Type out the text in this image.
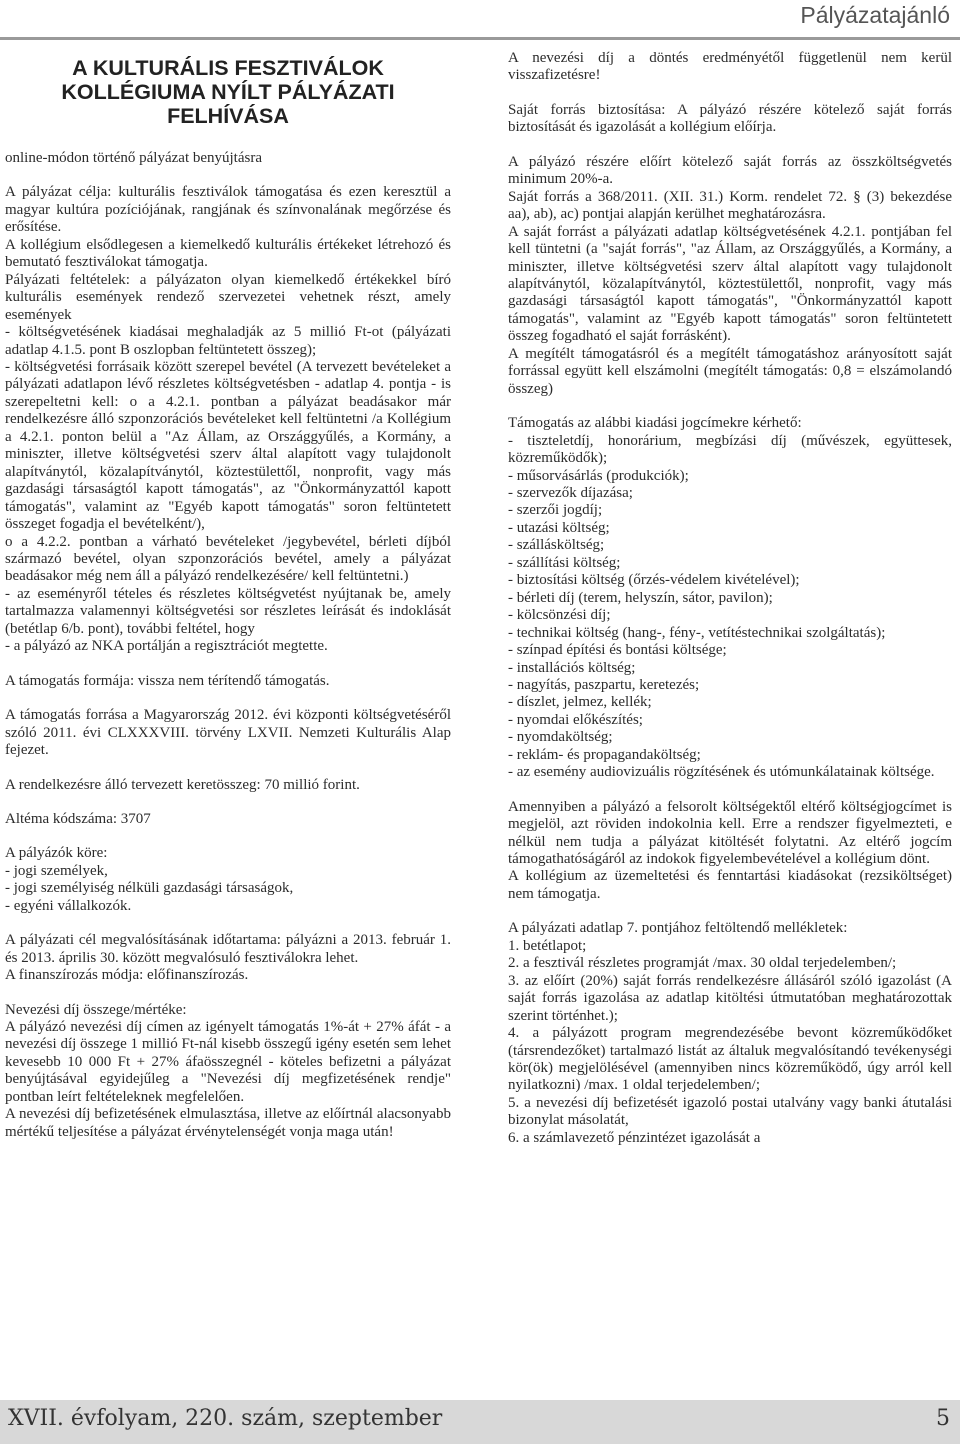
Pályázatajánló
A KULTURÁLIS FESZTIVÁLOK
KOLLÉGIUMA NYÍLT PÁLYÁZATI
FELHÍVÁSA

online-módon történő pályázat benyújtásra

A pályázat célja: kulturális fesztiválok támogatása és ezen keresztül a magyar kultúra pozíciójának, rangjának és színvonalának megőrzése és erősítése.

A kollégium elsődlegesen a kiemelkedő kulturális értékeket létrehozó és bemutató fesztiválokat támogatja.

Pályázati feltételek: a pályázaton olyan kiemelkedő értékekkel bíró kulturális események rendező szervezetei vehetnek részt, amely események

- költségvetésének kiadásai meghaladják az 5 millió Ft-ot (pályázati adatlap 4.1.5. pont B oszlopban feltüntetett összeg);

- költségvetési forrásaik között szerepel bevétel (A tervezett bevételeket a pályázati adatlapon lévő részletes költségvetésben - adatlap 4. pontja - is szerepeltetni kell: o a 4.2.1. pontban a pályázat beadásakor már rendelkezésre álló szponzorációs bevételeket kell feltüntetni /a Kollégium a 4.2.1. ponton belül a "Az Állam, az Országgyűlés, a Kormány, a miniszter, illetve költségvetési szerv által alapított vagy tulajdonolt alapítványtól, közalapítványtól, köztestülettől, nonprofit, vagy más gazdasági társaságtól kapott támogatás", az "Önkormányzattól kapott támogatás", valamint az "Egyéb kapott támogatás" soron feltüntetett összeget fogadja el bevételként/),

o a 4.2.2. pontban a várható bevételeket /jegybevétel, bérleti díjból származó bevétel, olyan szponzorációs bevétel, amely a pályázat beadásakor még nem áll a pályázó rendelkezésére/ kell feltüntetni.)

- az eseményről tételes és részletes költségvetést nyújtanak be, amely tartalmazza valamennyi költségvetési sor részletes leírását és indoklását (betétlap 6/b. pont), további feltétel, hogy

- a pályázó az NKA portálján a regisztrációt megtette.

A támogatás formája: vissza nem térítendő támogatás.

A támogatás forrása a Magyarország 2012. évi központi költségvetéséről szóló 2011. évi CLXXXVIII. törvény LXVII. Nemzeti Kulturális Alap fejezet.

A rendelkezésre álló tervezett keretösszeg: 70 millió forint.

Altéma kódszáma: 3707

A pályázók köre:

- jogi személyek,

- jogi személyiség nélküli gazdasági társaságok,

- egyéni vállalkozók.

A pályázati cél megvalósításának időtartama: pályázni a 2013. február 1. és 2013. április 30. között megvalósuló fesztiválokra lehet.

A finanszírozás módja: előfinanszírozás.

Nevezési díj összege/mértéke:

A pályázó nevezési díj címen az igényelt támogatás 1%-át + 27% áfát - a nevezési díj összege 1 millió Ft-nál kisebb összegű igény esetén sem lehet kevesebb 10 000 Ft + 27% áfaösszegnél - köteles befizetni a pályázat benyújtásával egyidejűleg a "Nevezési díj megfizetésének rendje" pontban leírt feltételeknek megfelelően.

A nevezési díj befizetésének elmulasztása, illetve az előírtnál alacsonyabb mértékű teljesítése a pályázat érvénytelenségét vonja maga után!

A nevezési díj a döntés eredményétől függetlenül nem kerül visszafizetésre!

Saját forrás biztosítása: A pályázó részére kötelező saját forrás biztosítását és igazolását a kollégium előírja.

A pályázó részére előírt kötelező saját forrás az összköltségvetés minimum 20%-a.

Saját forrás a 368/2011. (XII. 31.) Korm. rendelet 72. § (3) bekezdése aa), ab), ac) pontjai alapján kerülhet meghatározásra.

A saját forrást a pályázati adatlap költségvetésének 4.2.1. pontjában fel kell tüntetni (a "saját forrás", "az Állam, az Országgyűlés, a Kormány, a miniszter, illetve költségvetési szerv által alapított vagy tulajdonolt alapítványtól, közalapítványtól, köztestülettől, nonprofit, vagy más gazdasági társaságtól kapott támogatás", "Önkormányzattól kapott támogatás", valamint az "Egyéb kapott támogatás" soron feltüntetett összeg fogadható el saját forrásként).

A megítélt támogatásról és a megítélt támogatáshoz arányosított saját forrással együtt kell elszámolni (megítélt támogatás: 0,8 = elszámolandó összeg)

Támogatás az alábbi kiadási jogcímekre kérhető:

- tiszteletdíj, honorárium, megbízási díj (művészek, együttesek, közreműködők);

- műsorvásárlás (produkciók);

- szervezők díjazása;

- szerzői jogdíj;

- utazási költség;

- szállásköltség;

- szállítási költség;

- biztosítási költség (őrzés-védelem kivételével);

- bérleti díj (terem, helyszín, sátor, pavilon);

- kölcsönzési díj;

- technikai költség (hang-, fény-, vetítéstechnikai szolgáltatás);

- színpad építési és bontási költsége;

- installációs költség;

- nagyítás, paszpartu, keretezés;

- díszlet, jelmez, kellék;

- nyomdai előkészítés;

- nyomdaköltség;

- reklám- és propagandaköltség;

- az esemény audiovizuális rögzítésének és utómunkálatainak költsége.

Amennyiben a pályázó a felsorolt költségektől eltérő költségjogcímet is megjelöl, azt röviden indokolnia kell. Erre a rendszer figyelmezteti, e nélkül nem tudja a pályázat kitöltését folytatni. Az eltérő jogcím támogathatóságáról az indokok figyelembevételével a kollégium dönt.

A kollégium az üzemeltetési és fenntartási kiadásokat (rezsiköltséget) nem támogatja.

A pályázati adatlap 7. pontjához feltöltendő mellékletek:

1. betétlapot;

2. a fesztivál részletes programját /max. 30 oldal terjedelemben/;

3. az előírt (20%) saját forrás rendelkezésre állásáról szóló igazolást (A saját forrás igazolása az adatlap kitöltési útmutatóban meghatározottak szerint történhet.);

4. a pályázott program megrendezésébe bevont közreműködőket (társrendezőket) tartalmazó listát az általuk megvalósítandó tevékenységi kör(ök) megjelölésével (amennyiben nincs közreműködő, úgy arról kell nyilatkozni) /max. 1 oldal terjedelemben/;

5. a nevezési díj befizetését igazoló postai utalvány vagy banki átutalási bizonylat másolatát,

6. a számlavezető pénzintézet igazolását a

XVII. évfolyam, 220. szám, szeptember	5
